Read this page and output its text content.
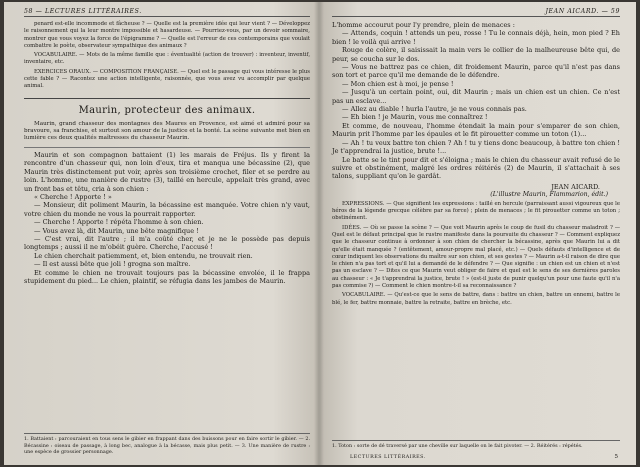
58 — LECTURES LITTÉRAIRES.

penard est-elle incommode et fâcheuse ? — Quelle est la première idée qui leur vient ? — Développez le raisonnement qui la leur montre impossible et hasardeuse. — Pourriez-vous, par un devoir sommaire, montrer que vous voyez la force de l'épigramme ? — Quelle est l'erreur de ces contemporains que voulait combattre le poète, observateur sympathique des animaux ?

VOCABULAIRE. — Mots de la même famille que : éventualité (action de trouver) : inventeur, inventif, inventaire, etc.

EXERCICES ORAUX. — COMPOSITION FRANÇAISE. — Quel est le passage qui vous intéresse le plus cette fable ? — Racontez une action intelligente, raisonnée, que vous avez vu accomplir par quelque animal.

Maurin, protecteur des animaux.

Maurin, grand chasseur des montagnes des Maures en Provence, est aimé et admiré pour sa bravoure, sa franchise, et surtout son amour de la justice et la bonté. La scène suivante met bien en lumière ces deux qualités maîtresses du chasseur Maurin.

Maurin et son compagnon battaient (1) les marais de Fréjus. Ils y firent la rencontre d'un chasseur qui, non loin d'eux, tira et manqua une bécassine (2), que Maurin très distinctement put voir, après son troisième crochet, filer et se perdre au loin. L'homme, une manière de rustre (3), taillé en hercule, appelait très grand, avec un front bas et têtu, cria à son chien :

« Cherche ! Apporte ! »

— Monsieur, dit poliment Maurin, la bécassine est manquée. Votre chien n'y vaut, votre chien du monde ne vous la pourrait rapporter.

— Cherche ! Apporte ! répéta l'homme à son chien.

— Vous avez là, dit Maurin, une bête magnifique !

— C'est vrai, dit l'autre ; il m'a coûté cher, et je ne le possède pas depuis longtemps ; aussi il ne m'obéit guère. Cherche, l'accusé !

Le chien cherchait patiemment, et, bien entendu, ne trouvait rien.

— Il est aussi bête que joli ! grogna son maître.

Et comme le chien ne trouvait toujours pas la bécassine envolée, il le frappa stupidement du pied... Le chien, plaintif, se réfugia dans les jambes de Maurin.

1. Battaient : parcouraient en tous sens le gibier en frappant dans des buissons pour en faire sortir le gibier. — 2. Bécassine : oiseau de passage, à long bec, analogue à la bécasse, mais plus petit. — 3. Une manière de rustre : une espèce de grossier personnage.

JEAN AICARD. — 59

L'homme accourut pour l'y prendre, plein de menaces :

— Attends, coquin ! attends un peu, rosse ! Tu le connais déjà, hein, mon pied ? Eh bien ! le voilà qui arrive !

Rouge de colère, il saisissait la main vers le collier de la malheureuse bête qui, de peur, se coucha sur le dos.

— Vous ne battrez pas ce chien, dit froidement Maurin, parce qu'il n'est pas dans son tort et parce qu'il me demande de le défendre.

— Mon chien est à moi, je pense !

— Jusqu'à un certain point, oui, dit Maurin ; mais un chien est un chien. Ce n'est pas un esclave...

— Allez au diable ! hurla l'autre, je ne vous connais pas.

— Eh bien ! je Maurin, vous me connaîtrez !

Et comme, de nouveau, l'homme étendait la main pour s'emparer de son chien, Maurin prit l'homme par les épaules et le fit pirouetter comme un toton (1)...

— Ah ! tu veux battre ton chien ? Ah ! tu y tiens donc beaucoup, à battre ton chien ! Je t'apprendrai la justice, brute !...

Le batte se le tint pour dit et s'éloigna ; mais le chien du chasseur avait refusé de le suivre et obstinément, malgré les ordres réitérés (2) de Maurin, il s'attachait à ses talons, suppliant qu'on le gardât.

JEAN AICARD.

(L'illustre Maurin, Flammarion, édit.)

EXPRESSIONS. — Que signifient les expressions : taillé en hercule (parraissant aussi vigoureux que le héros de la légende grecque célèbre par sa force) ; plein de menaces ; le fit pirouetter comme un toton ; obstinément.

IDÉES. — Où se passe la scène ? — Que voit Maurin après le coup de fusil du chasseur maladroit ? — Quel est le défaut principal que le rustre manifeste dans la poursuite du chasseur ? — Comment expliquez que le chasseur continue à ordonner à son chien de chercher la bécassine, après que Maurin lui a dit qu'elle était manquée ? (entêtement, amour-propre mal placé, etc.) — Quels défauts d'intelligence et de cœur indiquent les observations du maître sur son chien, et ses gestes ? — Maurin a-t-il raison de dire que le chien n'a pas tort et qu'il lui a demandé de le défendre ? — Que signifie : un chien est un chien et n'est pas un esclave ? — Dites ce que Maurin veut obliger de faire et quel est le sens de ses dernières paroles au chasseur : « Je t'apprendrai la justice, brute ! » (est-il juste de punir quelqu'un pour une faute qu'il n'a pas commise ?) — Comment le chien montre-t-il sa reconnaissance ?

VOCABULAIRE. — Qu'est-ce que le sens de battre, dans : battre un chien, battre un ennemi, battre le blé, le fer, battre monnaie, battre la retraite, battre en brèche, etc.

1. Toton : sorte de dé traversé par une cheville sur laquelle on le fait pivoter. — 2. Réitérés : répétés.

LECTURES LITTÉRAIRES.	5
